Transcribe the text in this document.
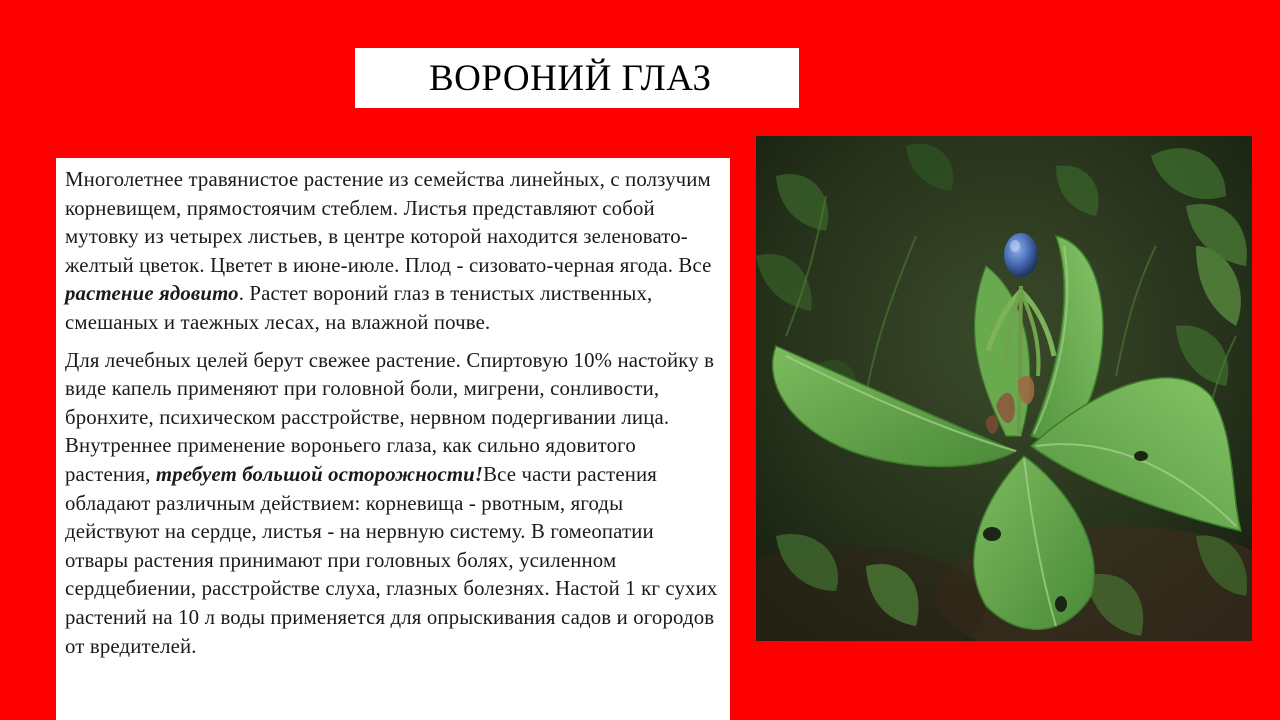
ВОРОНИЙ ГЛАЗ

Многолетнее травянистое растение из семейства линейных, с ползучим корневищем, прямостоячим стеблем. Листья представляют собой мутовку из четырех листьев, в центре которой находится зеленовато-желтый цветок. Цветет в июне-июле. Плод - сизовато-черная ягода. Все растение ядовито. Растет вороний глаз в тенистых лиственных, смешаных и таежных лесах, на влажной почве.

Для лечебных целей берут свежее растение. Спиртовую 10% настойку в виде капель применяют при головной боли, мигрени, сонливости, бронхите, психическом расстройстве, нервном подергивании лица. Внутреннее применение вороньего глаза, как сильно ядовитого растения, требует большой осторожности!Все части растения обладают различным действием: корневища - рвотным, ягоды действуют на сердце, листья - на нервную систему. В гомеопатии отвары растения принимают при головных болях, усиленном сердцебиении, расстройстве слуха, глазных болезнях. Настой 1 кг сухих растений на 10 л воды применяется для опрыскивания садов и огородов от вредителей.
